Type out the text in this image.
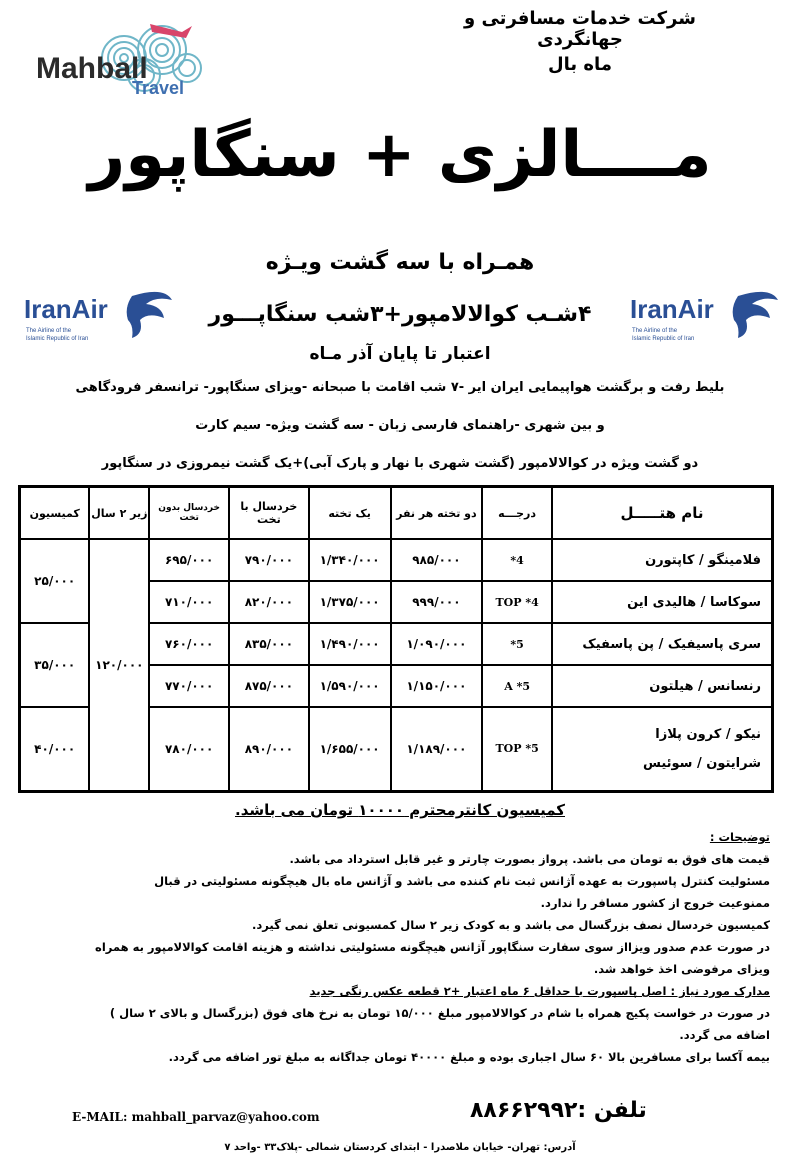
Mahball
Travel
شرکت خدمات مسافرتی و جهانگردی
ماه بال
مــــالزی + سنگاپور
همـراه با سه گشت ویـژه
IranAir
The Airline of the
Islamic Republic of Iran
IranAir
The Airline of the
Islamic Republic of Iran
۴شـب کوالالامپور+۳شب سنگاپـــور
اعتبار تا پایان آذر مـاه
بلیط رفت و برگشت هواپیمایی ایران ایر -۷ شب اقامت با صبحانه -ویزای سنگاپور- ترانسفر فرودگاهی
و بین شهری -راهنمای فارسی زبان - سه گشت ویژه- سیم کارت
دو گشت ویژه در کوالالامپور (گشت شهری با نهار و پارک آبی)+یک گشت نیمروزی در سنگاپور
نام هتـــــل	درجـــه	دو تخته هر نفر	یک تخته	خردسال با تخت	خردسال بدون تخت	زیر ۲ سال	کمیسیون
فلامینگو / کاپتورن	4*	۹۸۵/۰۰۰	۱/۳۴۰/۰۰۰	۷۹۰/۰۰۰	۶۹۵/۰۰۰	۱۲۰/۰۰۰	۲۵/۰۰۰
سوکاسا / هالیدی این	4* TOP	۹۹۹/۰۰۰	۱/۳۷۵/۰۰۰	۸۲۰/۰۰۰	۷۱۰/۰۰۰		
سری پاسیفیک / پن پاسفیک	5*	۱/۰۹۰/۰۰۰	۱/۴۹۰/۰۰۰	۸۳۵/۰۰۰	۷۶۰/۰۰۰		۳۵/۰۰۰
رنسانس / هیلتون	5* A	۱/۱۵۰/۰۰۰	۱/۵۹۰/۰۰۰	۸۷۵/۰۰۰	۷۷۰/۰۰۰		

نیکو / کرون پلازا
شرایتون / سوئیس	5* TOP	۱/۱۸۹/۰۰۰	۱/۶۵۵/۰۰۰	۸۹۰/۰۰۰	۷۸۰/۰۰۰		۴۰/۰۰۰
کمیسیون کانترمحترم ۱۰۰۰۰ تومان می باشد.

توضیحات :

قیمت های فوق به تومان می باشد. پرواز بصورت چارتر و غیر قابل استرداد می باشد.

مسئولیت کنترل پاسپورت به عهده آژانس ثبت نام کننده می باشد و آژانس ماه بال هیچگونه مسئولیتی در قبال

ممنوعیت خروج از کشور مسافر را ندارد.

کمیسیون خردسال نصف بزرگسال می باشد و به کودک زیر ۲ سال کمسیونی تعلق نمی گیرد.

در صورت عدم صدور ویزااز سوی سفارت سنگاپور آژانس هیچگونه مسئولیتی نداشته و هزینه اقامت کوالالامپور به همراه

ویزای مرفوضی اخذ خواهد شد.

مدارک مورد نیاز : اصل پاسپورت با حداقل ۶ ماه اعتبار +۲ قطعه عکس رنگی جدید

در صورت در خواست پکیج همراه با شام در کوالالامپور مبلغ ۱۵/۰۰۰ تومان به نرخ های فوق (بزرگسال و بالای ۲ سال )

اضافه می گردد.

بیمه آکسا برای مسافرین بالا ۶۰ سال اجباری بوده و مبلغ ۴۰۰۰۰ تومان جداگانه به مبلغ تور اضافه می گردد.

E-MAIL: mahball_parvaz@yahoo.com	تلفن :۸۸۶۶۲۹۹۲
آدرس: تهران- خیابان ملاصدرا - ابتدای کردستان شمالی -پلاک۳۳ -واحد ۷
